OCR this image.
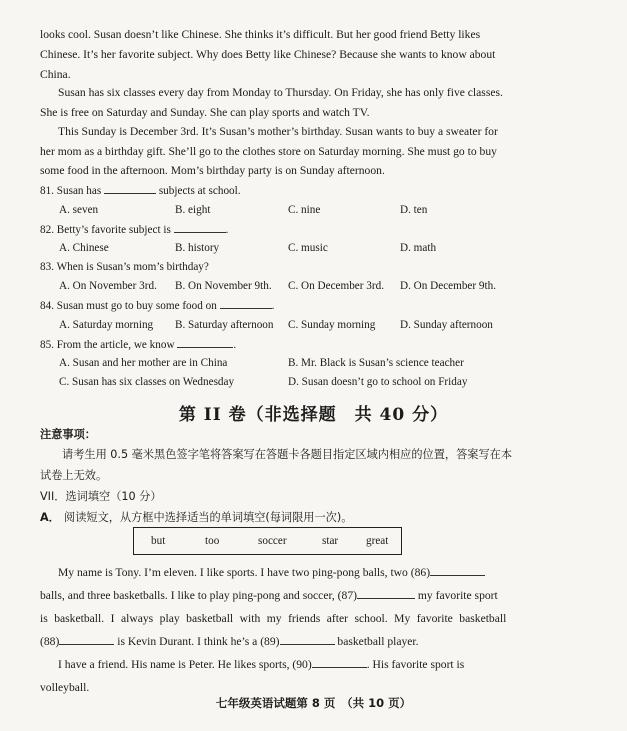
looks cool. Susan doesn’t like Chinese. She thinks it’s difficult. But her good friend Betty likes

Chinese. It’s her favorite subject. Why does Betty like Chinese? Because she wants to know about

China.

Susan has six classes every day from Monday to Thursday. On Friday, she has only five classes.

She is free on Saturday and Sunday. She can play sports and watch TV.

This Sunday is December 3rd. It’s Susan’s mother’s birthday. Susan wants to buy a sweater for

her mom as a birthday gift. She’ll go to the clothes store on Saturday morning. She must go to buy

some food in the afternoon. Mom’s birthday party is on Sunday afternoon.

81. Susan has	subjects at school.
A. seven	B. eight	C. nine	D. ten
82. Betty’s favorite subject is	.
A. Chinese	B. history	C. music	D. math
83. When is Susan’s mom’s birthday?
A. On November 3rd. B. On November 9th. C. On December 3rd. D. On December 9th.
84. Susan must go to buy some food on	.
A. Saturday morning B. Saturday afternoon C. Sunday morning D. Sunday afternoon
85. From the article, we know	.
A. Susan and her mother are in China	B. Mr. Black is Susan’s science teacher
C. Susan has six classes on Wednesday	D. Susan doesn’t go to school on Friday
第 II 卷（非选择题　共 40 分）
注意事项：
请考生用 0.5 毫米黑色签字笔将答案写在答题卡各题目指定区域内相应的位置，答案写在本
试卷上无效。
VII．选词填空（10 分）
A． 阅读短文，从方框中选择适当的单词填空(每词限用一次)。
but	too	soccer	star great
My name is Tony. I’m eleven. I like sports. I have two ping-pong balls, two (86)
balls, and three basketballs. I like to play ping-pong and soccer, (87)	my favorite sport
is basketball. I always play basketball with my friends after school. My favorite basketball
(88)	is Kevin Durant. I think he’s a (89)	basketball player.
I have a friend. His name is Peter. He likes sports, (90)	. His favorite sport is
volleyball.
七年级英语试题第 8 页　（共 10 页）
